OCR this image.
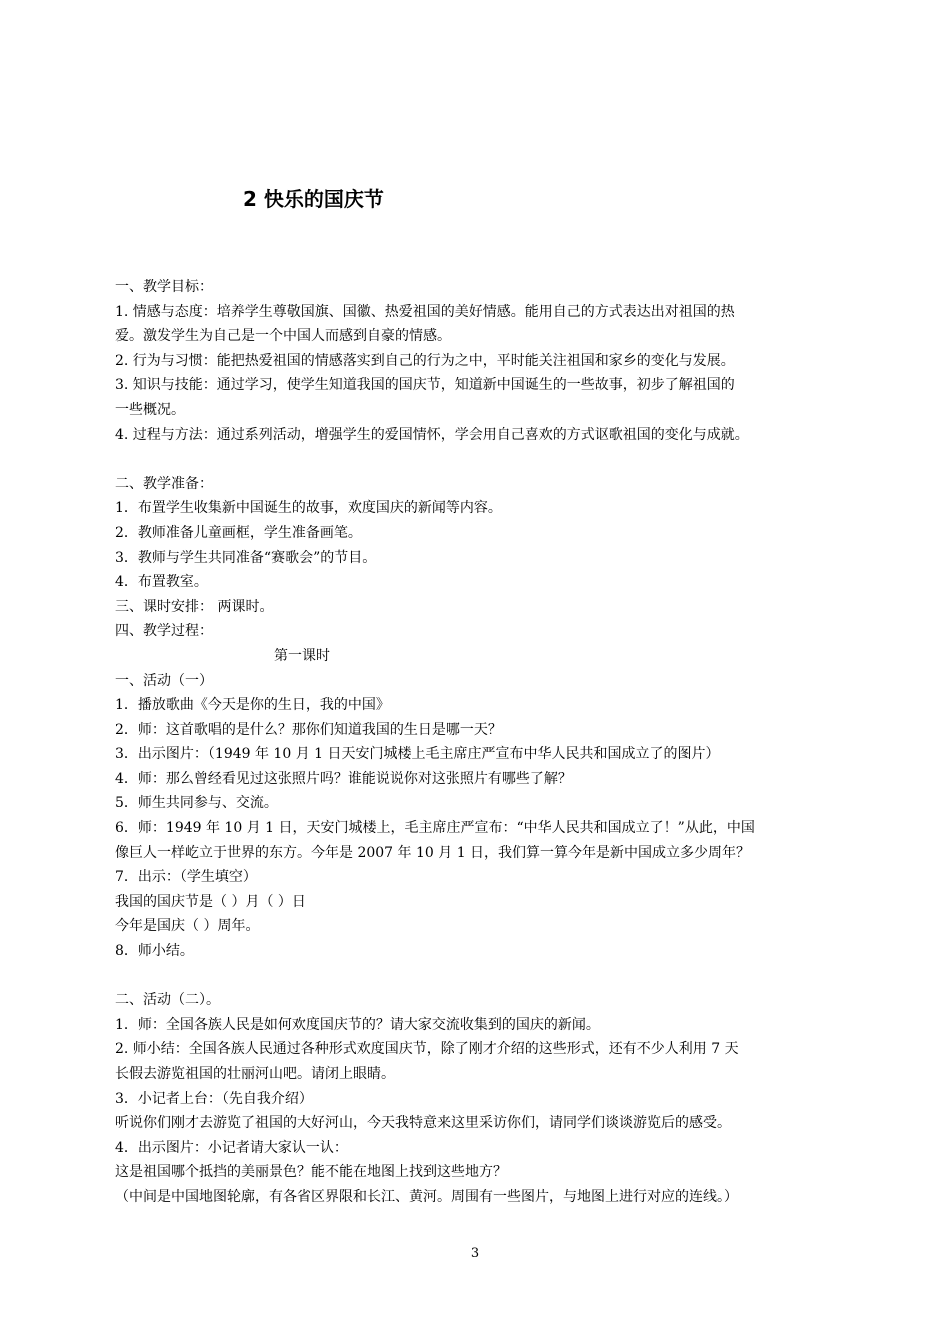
2 快乐的国庆节
一、教学目标：
1. 情感与态度：培养学生尊敬国旗、国徽、热爱祖国的美好情感。能用自己的方式表达出对祖国的热
爱。激发学生为自己是一个中国人而感到自豪的情感。
2. 行为与习惯：能把热爱祖国的情感落实到自己的行为之中，平时能关注祖国和家乡的变化与发展。
3. 知识与技能：通过学习，使学生知道我国的国庆节，知道新中国诞生的一些故事，初步了解祖国的
一些概况。
4. 过程与方法：通过系列活动，增强学生的爱国情怀，学会用自己喜欢的方式讴歌祖国的变化与成就。
二、教学准备：
1．布置学生收集新中国诞生的故事，欢度国庆的新闻等内容。
2．教师准备儿童画框，学生准备画笔。
3．教师与学生共同准备“赛歌会”的节目。
4．布置教室。
三、课时安排： 两课时。
四、教学过程：
第一课时
一、活动（一）
1．播放歌曲《今天是你的生日，我的中国》
2．师：这首歌唱的是什么？那你们知道我国的生日是哪一天？
3．出示图片：（1949 年 10 月 1 日天安门城楼上毛主席庄严宣布中华人民共和国成立了的图片）
4．师：那么曾经看见过这张照片吗？谁能说说你对这张照片有哪些了解？
5．师生共同参与、交流。
6．师：1949 年 10 月 1 日，天安门城楼上，毛主席庄严宣布：“中华人民共和国成立了！”从此，中国
像巨人一样屹立于世界的东方。今年是 2007 年 10 月 1 日，我们算一算今年是新中国成立多少周年？
7．出示：（学生填空）
我国的国庆节是（ ）月（ ）日
今年是国庆（ ）周年。
8．师小结。
二、活动（二）。
1．师：全国各族人民是如何欢度国庆节的？请大家交流收集到的国庆的新闻。
2. 师小结：全国各族人民通过各种形式欢度国庆节，除了刚才介绍的这些形式，还有不少人利用 7 天
长假去游览祖国的壮丽河山吧。请闭上眼睛。
3．小记者上台：（先自我介绍）
听说你们刚才去游览了祖国的大好河山，今天我特意来这里采访你们，请同学们谈谈游览后的感受。
4．出示图片：小记者请大家认一认：
这是祖国哪个抵挡的美丽景色？能不能在地图上找到这些地方？
（中间是中国地图轮廓，有各省区界限和长江、黄河。周围有一些图片，与地图上进行对应的连线。）
3
